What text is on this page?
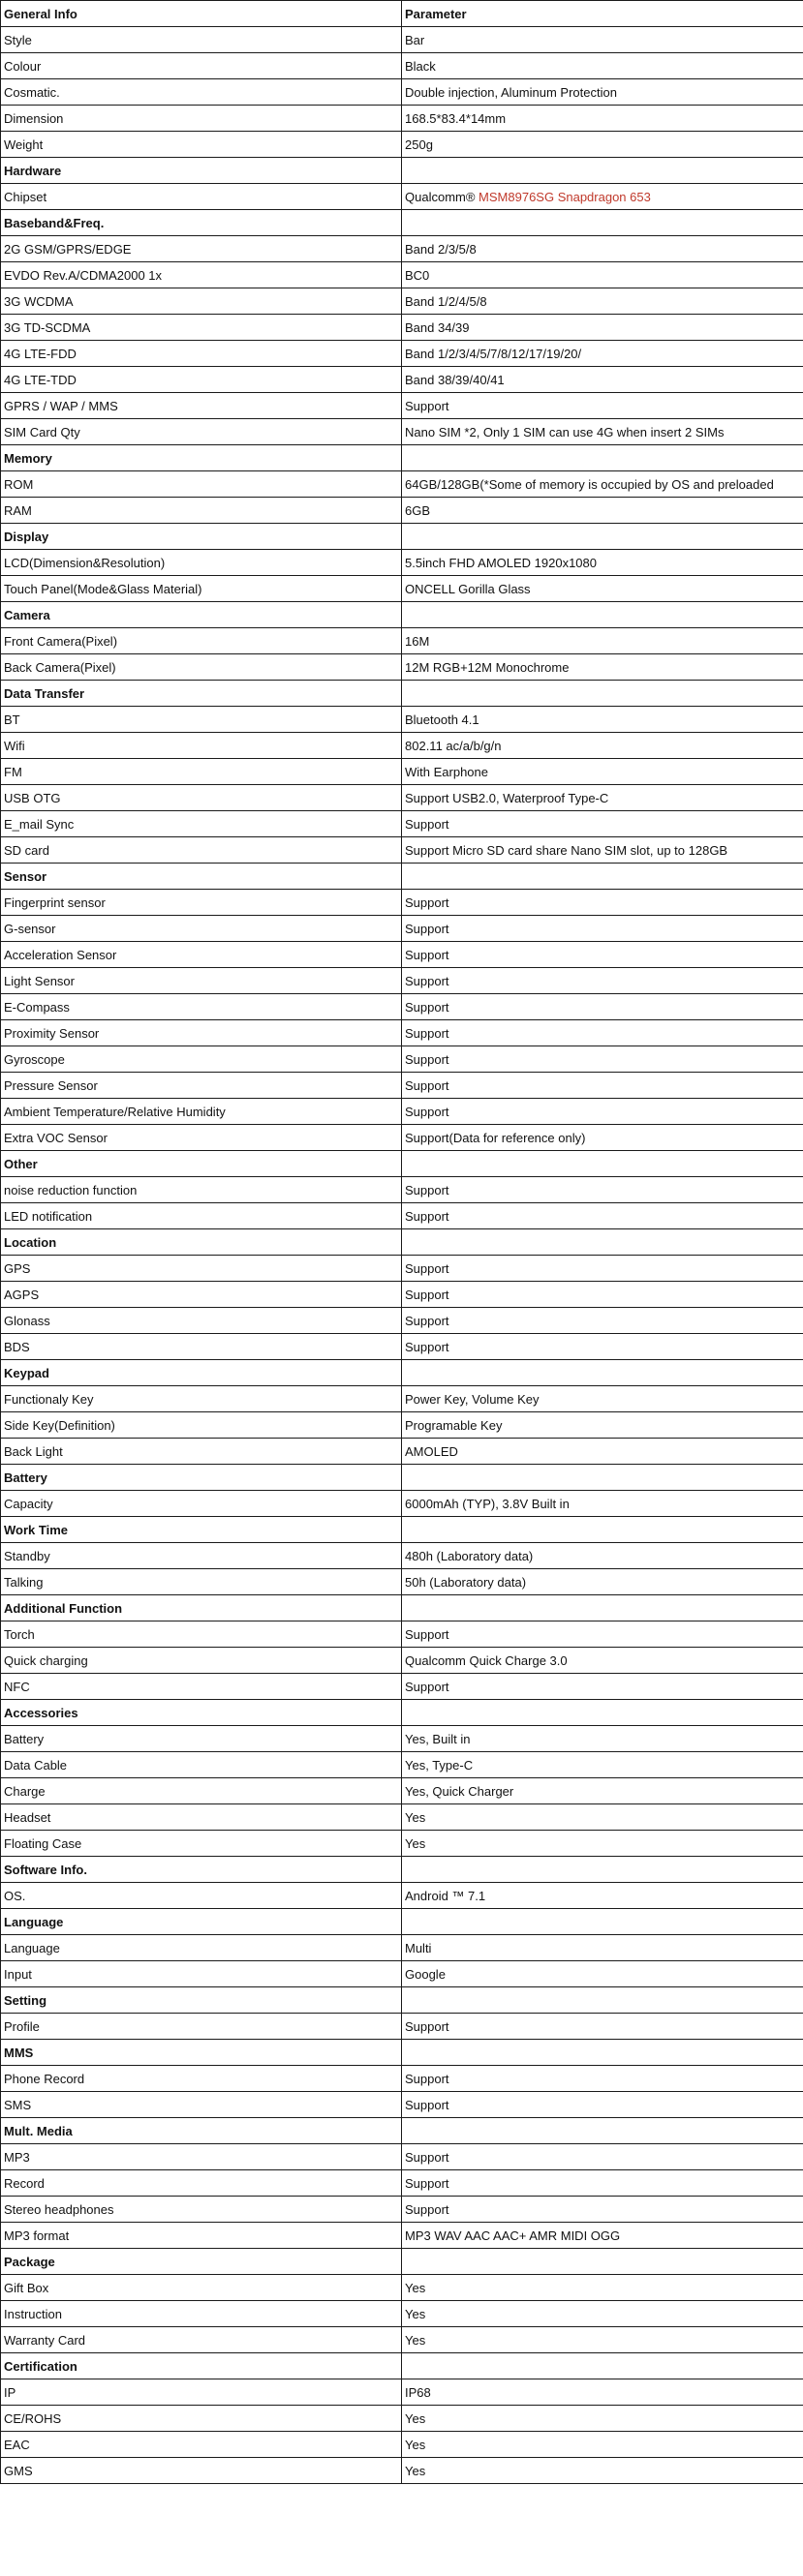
General Info	Parameter
Style	Bar
Colour	Black
Cosmatic.	Double injection, Aluminum Protection
Dimension	168.5*83.4*14mm
Weight	250g
Hardware	
Chipset	Qualcomm® MSM8976SG Snapdragon 653
Baseband&Freq.	
2G GSM/GPRS/EDGE	Band 2/3/5/8
EVDO Rev.A/CDMA2000 1x	BC0
3G WCDMA	Band 1/2/4/5/8
3G TD-SCDMA	Band 34/39
4G LTE-FDD	Band 1/2/3/4/5/7/8/12/17/19/20/
4G LTE-TDD	Band 38/39/40/41
GPRS / WAP / MMS	Support
SIM Card Qty	Nano SIM *2, Only 1 SIM can use 4G when insert 2 SIMs
Memory	
ROM	64GB/128GB(*Some of memory is occupied by OS and preloaded
RAM	6GB
Display	
LCD(Dimension&Resolution)	5.5inch FHD AMOLED 1920x1080
Touch Panel(Mode&Glass Material)	ONCELL Gorilla Glass
Camera	
Front Camera(Pixel)	16M
Back Camera(Pixel)	12M RGB+12M Monochrome
Data Transfer	
BT	Bluetooth 4.1
Wifi	802.11 ac/a/b/g/n
FM	With Earphone
USB OTG	Support USB2.0, Waterproof Type-C
E_mail Sync	Support
SD card	Support Micro SD card share Nano SIM slot, up to 128GB
Sensor	
Fingerprint sensor	Support
G-sensor	Support
Acceleration Sensor	Support
Light Sensor	Support
E-Compass	Support
Proximity Sensor	Support
Gyroscope	Support
Pressure Sensor	Support
Ambient Temperature/Relative Humidity	Support
Extra VOC Sensor	Support(Data for reference only)
Other	
noise reduction function	Support
LED notification	Support
Location	
GPS	Support
AGPS	Support
Glonass	Support
BDS	Support
Keypad	
Functionaly Key	Power Key, Volume Key
Side Key(Definition)	Programable Key
Back Light	AMOLED
Battery	
Capacity	6000mAh (TYP), 3.8V Built in
Work Time	
Standby	480h (Laboratory data)
Talking	50h (Laboratory data)
Additional Function	
Torch	Support
Quick charging	Qualcomm Quick Charge 3.0
NFC	Support
Accessories	
Battery	Yes, Built in
Data Cable	Yes, Type-C
Charge	Yes, Quick Charger
Headset	Yes
Floating Case	Yes
Software Info.	
OS.	Android ™ 7.1
Language	
Language	Multi
Input	Google
Setting	
Profile	Support
MMS	
Phone Record	Support
SMS	Support
Mult. Media	
MP3	Support
Record	Support
Stereo headphones	Support
MP3 format	MP3 WAV AAC AAC+ AMR MIDI OGG
Package	
Gift Box	Yes
Instruction	Yes
Warranty Card	Yes
Certification	
IP	IP68
CE/ROHS	Yes
EAC	Yes
GMS	Yes
